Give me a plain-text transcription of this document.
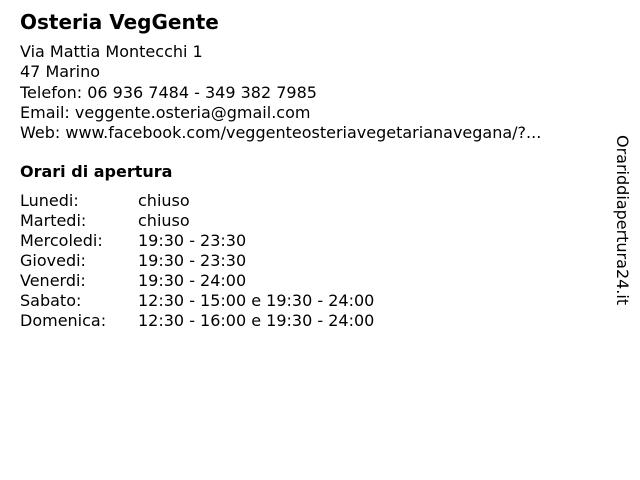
Osteria VegGente
Via Mattia Montecchi 1
47 Marino
Telefon: 06 936 7484 - 349 382 7985
Email: veggente.osteria@gmail.com
Web: www.facebook.com/veggenteosteriavegetarianavegana/?...
Orari di apertura
Lunedi:	chiuso
Martedi:	chiuso
Mercoledi:	19:30 - 23:30
Giovedi:	19:30 - 23:30
Venerdi:	19:30 - 24:00
Sabato:	12:30 - 15:00 e 19:30 - 24:00
Domenica:	12:30 - 16:00 e 19:30 - 24:00
Orariddiapertura24.it
